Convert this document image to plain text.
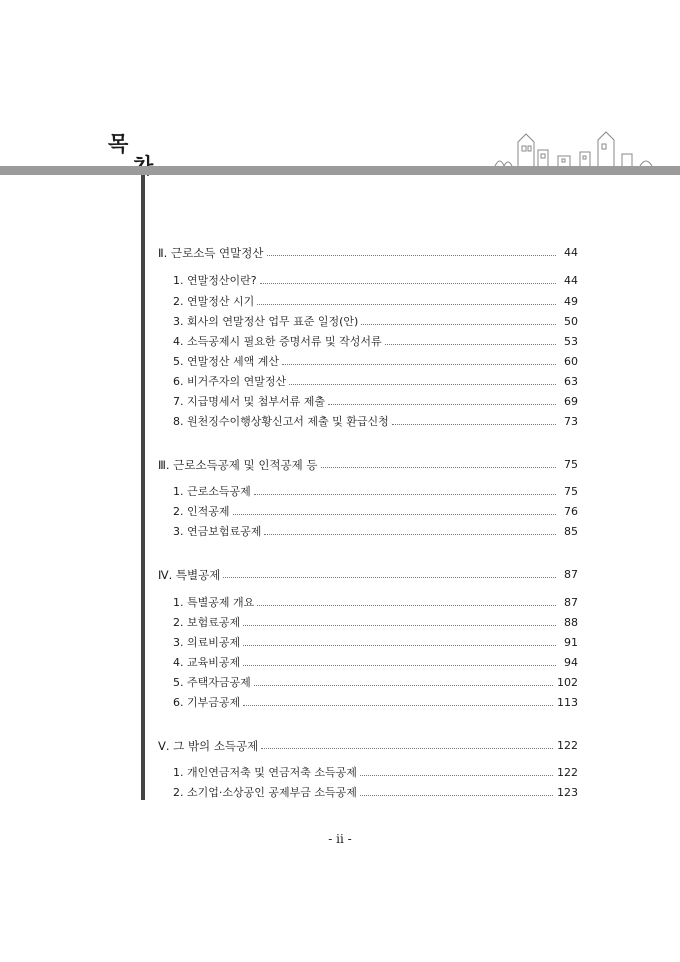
목
Ⅱ. 근로소득 연말정산	44
1. 연말정산이란?	44
2. 연말정산 시기	49
3. 회사의 연말정산 업무 표준 일정(안)	50
4. 소득공제시 필요한 증명서류 및 작성서류	53
5. 연말정산 세액 계산	60
6. 비거주자의 연말정산	63
7. 지급명세서 및 첨부서류 제출	69
8. 원천징수이행상황신고서 제출 및 환급신청	73
Ⅲ. 근로소득공제 및 인적공제 등	75
1. 근로소득공제	75
2. 인적공제	76
3. 연금보험료공제	85
Ⅳ. 특별공제	87
1. 특별공제 개요	87
2. 보험료공제	88
3. 의료비공제	91
4. 교육비공제	94
5. 주택자금공제	102
6. 기부금공제	113
Ⅴ. 그 밖의 소득공제	122
1. 개인연금저축 및 연금저축 소득공제	122
2. 소기업·소상공인 공제부금 소득공제	123
- ii -
